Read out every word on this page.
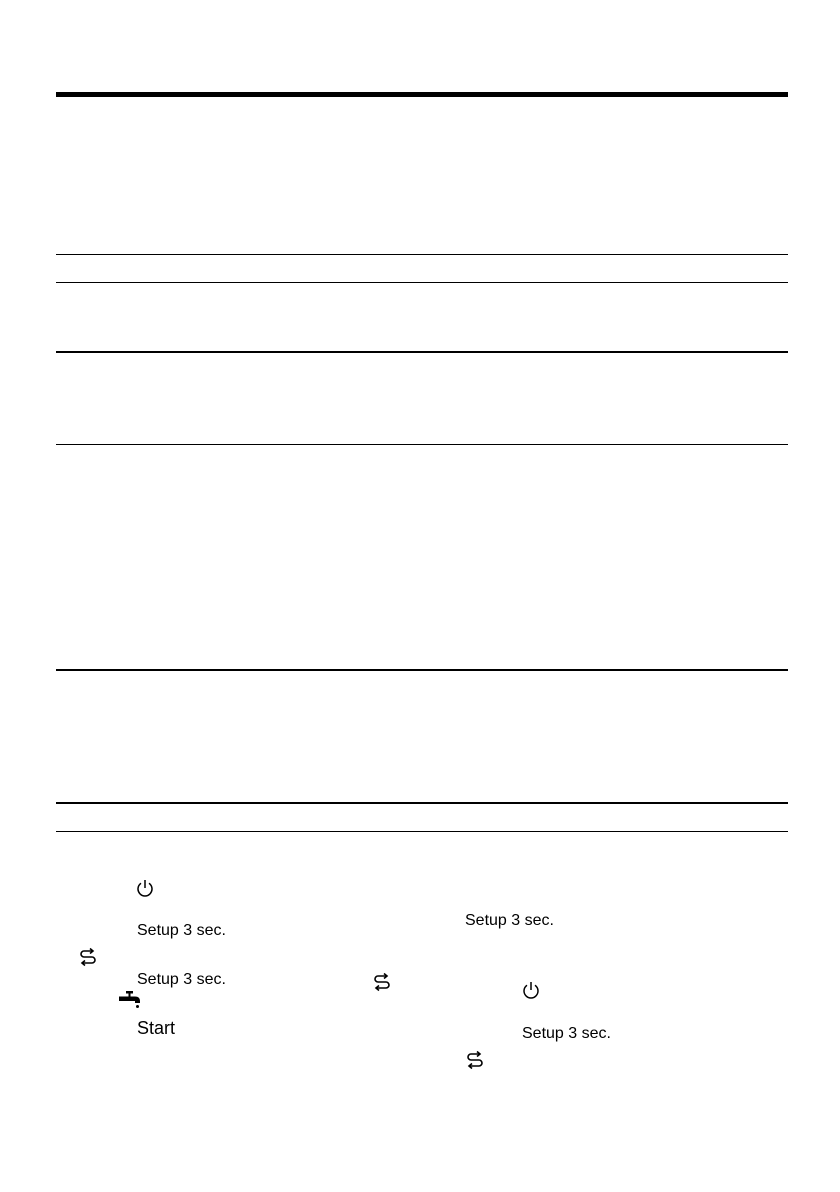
Setup 3 sec.
Setup 3 sec.
Start
Setup 3 sec.
Setup 3 sec.
